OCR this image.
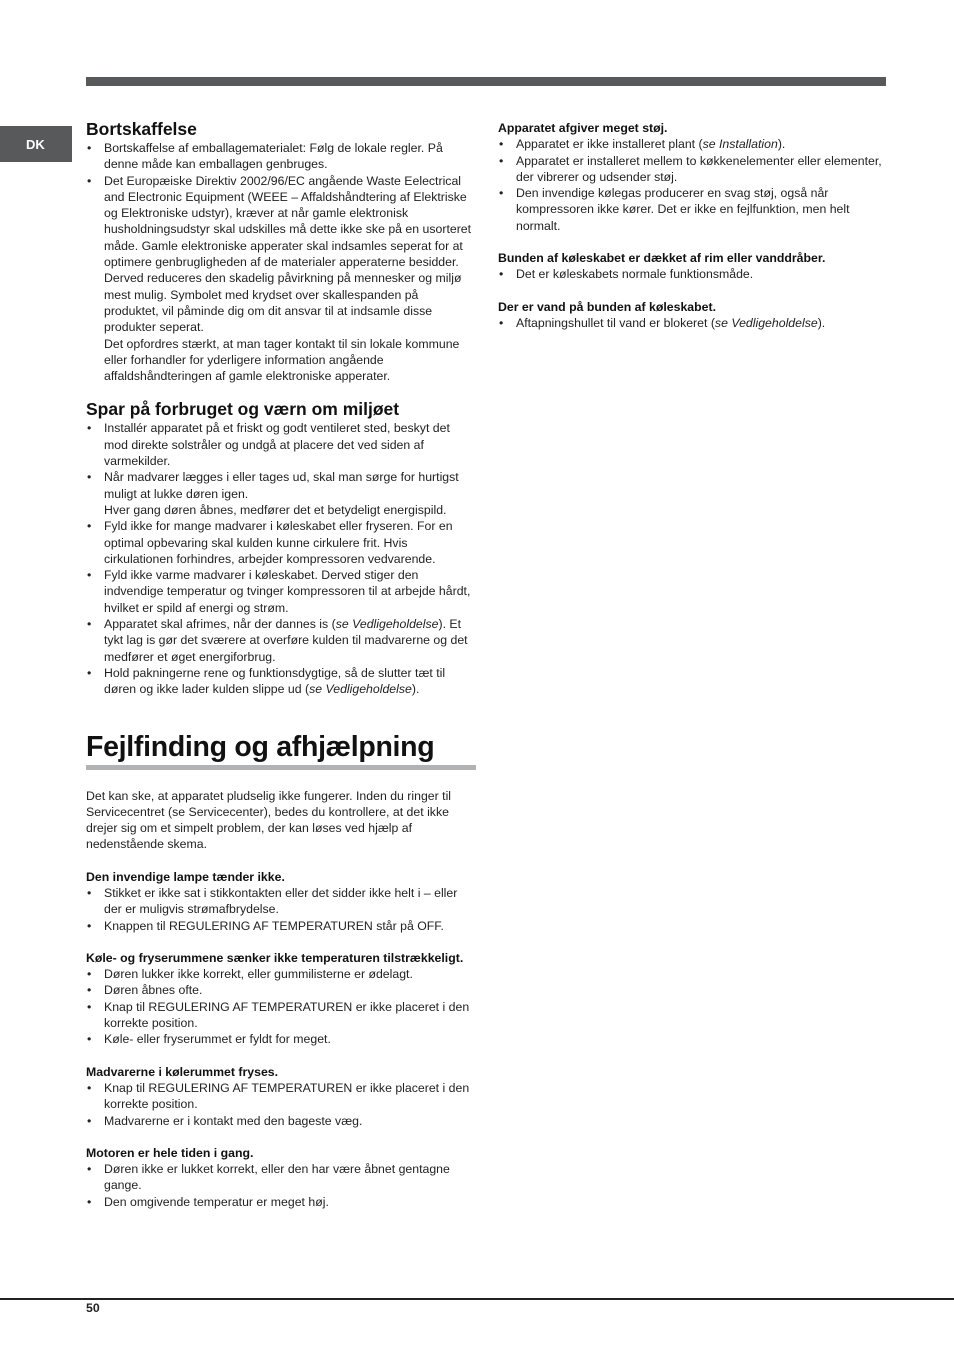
DK
Bortskaffelse
• Bortskaffelse af emballagematerialet: Følg de lokale regler. På denne måde kan emballagen genbruges.
• Det Europæiske Direktiv 2002/96/EC angående Waste Eelectrical and Electronic Equipment (WEEE – Affaldshåndtering af Elektriske og Elektroniske udstyr), kræver at når gamle elektronisk husholdningsudstyr skal udskilles må dette ikke ske på en usorteret måde. Gamle elektroniske apperater skal indsamles seperat for at optimere genbrugligheden af de materialer apperaterne besidder. Derved reduceres den skadelig påvirkning på mennesker og miljø mest mulig. Symbolet med krydset over skallespanden på produktet, vil påminde dig om dit ansvar til at indsamle disse produkter seperat.
Det opfordres stærkt, at man tager kontakt til sin lokale kommune eller forhandler for yderligere information angående affaldshåndteringen af gamle elektroniske apperater.
Spar på forbruget og værn om miljøet
• Installér apparatet på et friskt og godt ventileret sted, beskyt det mod direkte solstråler og undgå at placere det ved siden af varmekilder.
• Når madvarer lægges i eller tages ud, skal man sørge for hurtigst muligt at lukke døren igen.
Hver gang døren åbnes, medfører det et betydeligt energispild.
• Fyld ikke for mange madvarer i køleskabet eller fryseren. For en optimal opbevaring skal kulden kunne cirkulere frit. Hvis cirkulationen forhindres, arbejder kompressoren vedvarende.
• Fyld ikke varme madvarer i køleskabet. Derved stiger den indvendige temperatur og tvinger kompressoren til at arbejde hårdt, hvilket er spild af energi og strøm.
• Apparatet skal afrimes, når der dannes is (se Vedligeholdelse). Et tykt lag is gør det sværere at overføre kulden til madvarerne og det medfører et øget energiforbrug.
• Hold pakningerne rene og funktionsdygtige, så de slutter tæt til døren og ikke lader kulden slippe ud (se Vedligeholdelse).
Fejlfinding og afhjælpning

Det kan ske, at apparatet pludselig ikke fungerer. Inden du ringer til Servicecentret (se Servicecenter), bedes du kontrollere, at det ikke drejer sig om et simpelt problem, der kan løses ved hjælp af nedenstående skema.

Den invendige lampe tænder ikke.
• Stikket er ikke sat i stikkontakten eller det sidder ikke helt i – eller der er muligvis strømafbrydelse.
• Knappen til REGULERING AF TEMPERATUREN står på OFF.
Køle- og fryserummene sænker ikke temperaturen tilstrækkeligt.
• Døren lukker ikke korrekt, eller gummilisterne er ødelagt.
• Døren åbnes ofte.
• Knap til REGULERING AF TEMPERATUREN er ikke placeret i den korrekte position.
• Køle- eller fryserummet er fyldt for meget.
Madvarerne i kølerummet fryses.
• Knap til REGULERING AF TEMPERATUREN er ikke placeret i den korrekte position.
• Madvarerne er i kontakt med den bageste væg.
Motoren er hele tiden i gang.
• Døren ikke er lukket korrekt, eller den har være åbnet gentagne gange.
• Den omgivende temperatur er meget høj.
Apparatet afgiver meget støj.
• Apparatet er ikke installeret plant (se Installation).
• Apparatet er installeret mellem to køkkenelementer eller elementer, der vibrerer og udsender støj.
• Den invendige kølegas producerer en svag støj, også når kompressoren ikke kører. Det er ikke en fejlfunktion, men helt normalt.
Bunden af køleskabet er dækket af rim eller vanddråber.
• Det er køleskabets normale funktionsmåde.
Der er vand på bunden af køleskabet.
• Aftapningshullet til vand er blokeret (se Vedligeholdelse).
50
